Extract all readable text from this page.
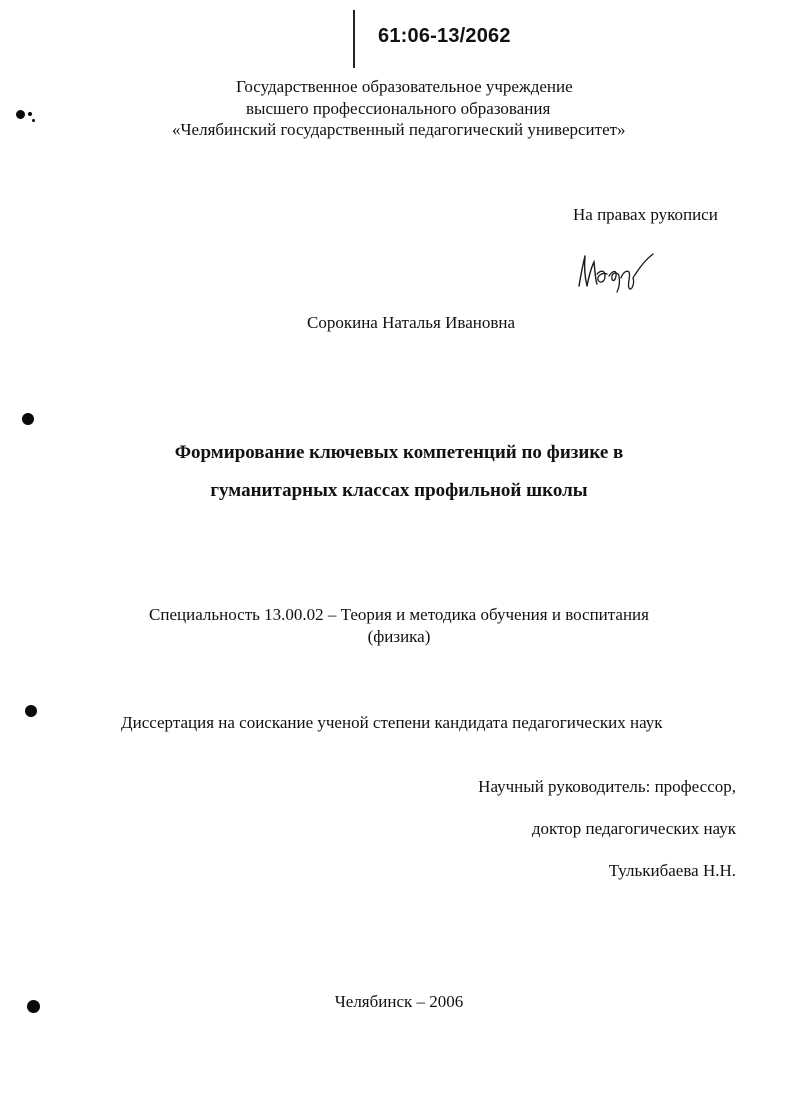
61:06-13/2062
Государственное образовательное учреждение
высшего профессионального образования
«Челябинский государственный педагогический университет»
На правах рукописи
Сорокина Наталья Ивановна
Формирование ключевых компетенций по физике в
гуманитарных классах профильной школы
Специальность 13.00.02 – Теория и методика обучения и воспитания
(физика)
Диссертация на соискание ученой степени кандидата педагогических наук
Научный руководитель: профессор,
доктор педагогических наук
Тулькибаева Н.Н.
Челябинск – 2006
